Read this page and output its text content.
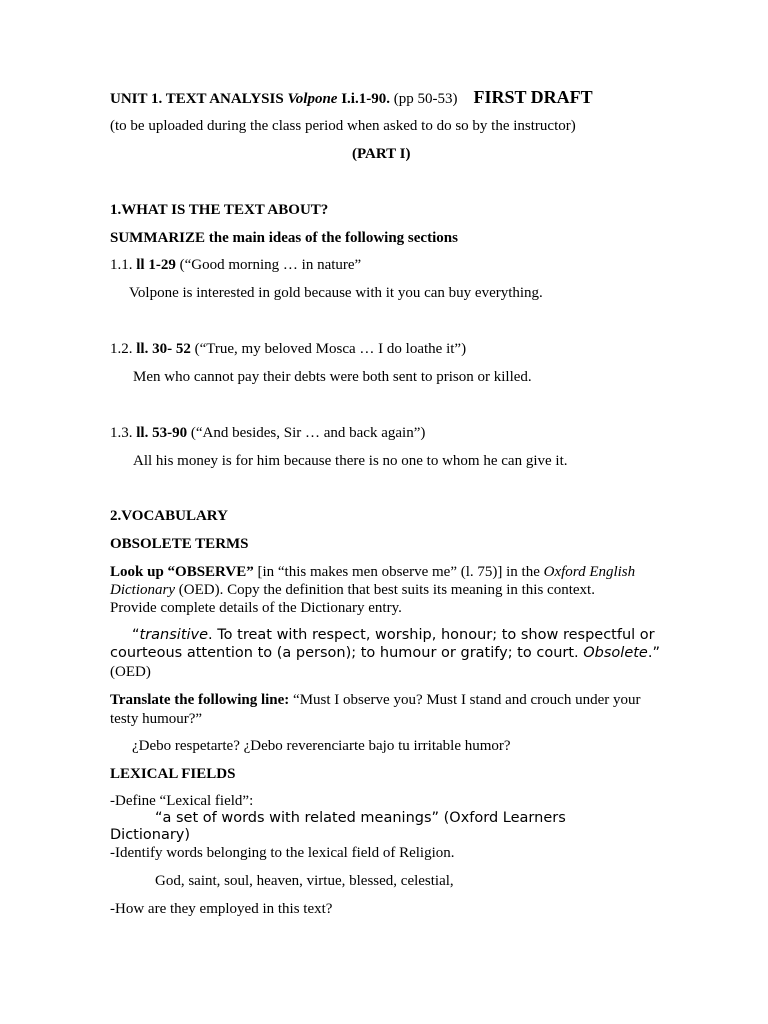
UNIT 1. TEXT ANALYSIS Volpone I.i.1-90. (pp 50-53) FIRST DRAFT
(to be uploaded during the class period when asked to do so by the instructor)
(PART I)
1.WHAT IS THE TEXT ABOUT?
SUMMARIZE the main ideas of the following sections
1.1. ll 1-29 (“Good morning … in nature”
Volpone is interested in gold because with it you can buy everything.
1.2. ll. 30- 52 (“True, my beloved Mosca … I do loathe it”)
Men who cannot pay their debts were both sent to prison or killed.
1.3. ll. 53-90 (“And besides, Sir … and back again”)
All his money is for him because there is no one to whom he can give it.
2.VOCABULARY
OBSOLETE TERMS
Look up “OBSERVE” [in “this makes men observe me” (l. 75)] in the Oxford English
Dictionary (OED). Copy the definition that best suits its meaning in this context.
Provide complete details of the Dictionary entry.
“transitive. To treat with respect, worship, honour; to show respectful or courteous attention to (a person); to humour or gratify; to court. Obsolete.”
(OED)
Translate the following line: “Must I observe you? Must I stand and crouch under your testy humour?”
¿Debo respetarte? ¿Debo reverenciarte bajo tu irritable humor?
LEXICAL FIELDS
-Define “Lexical field”:
“a set of words with related meanings” (Oxford Learners
Dictionary)
-Identify words belonging to the lexical field of Religion.
God, saint, soul, heaven, virtue, blessed, celestial,
-How are they employed in this text?
